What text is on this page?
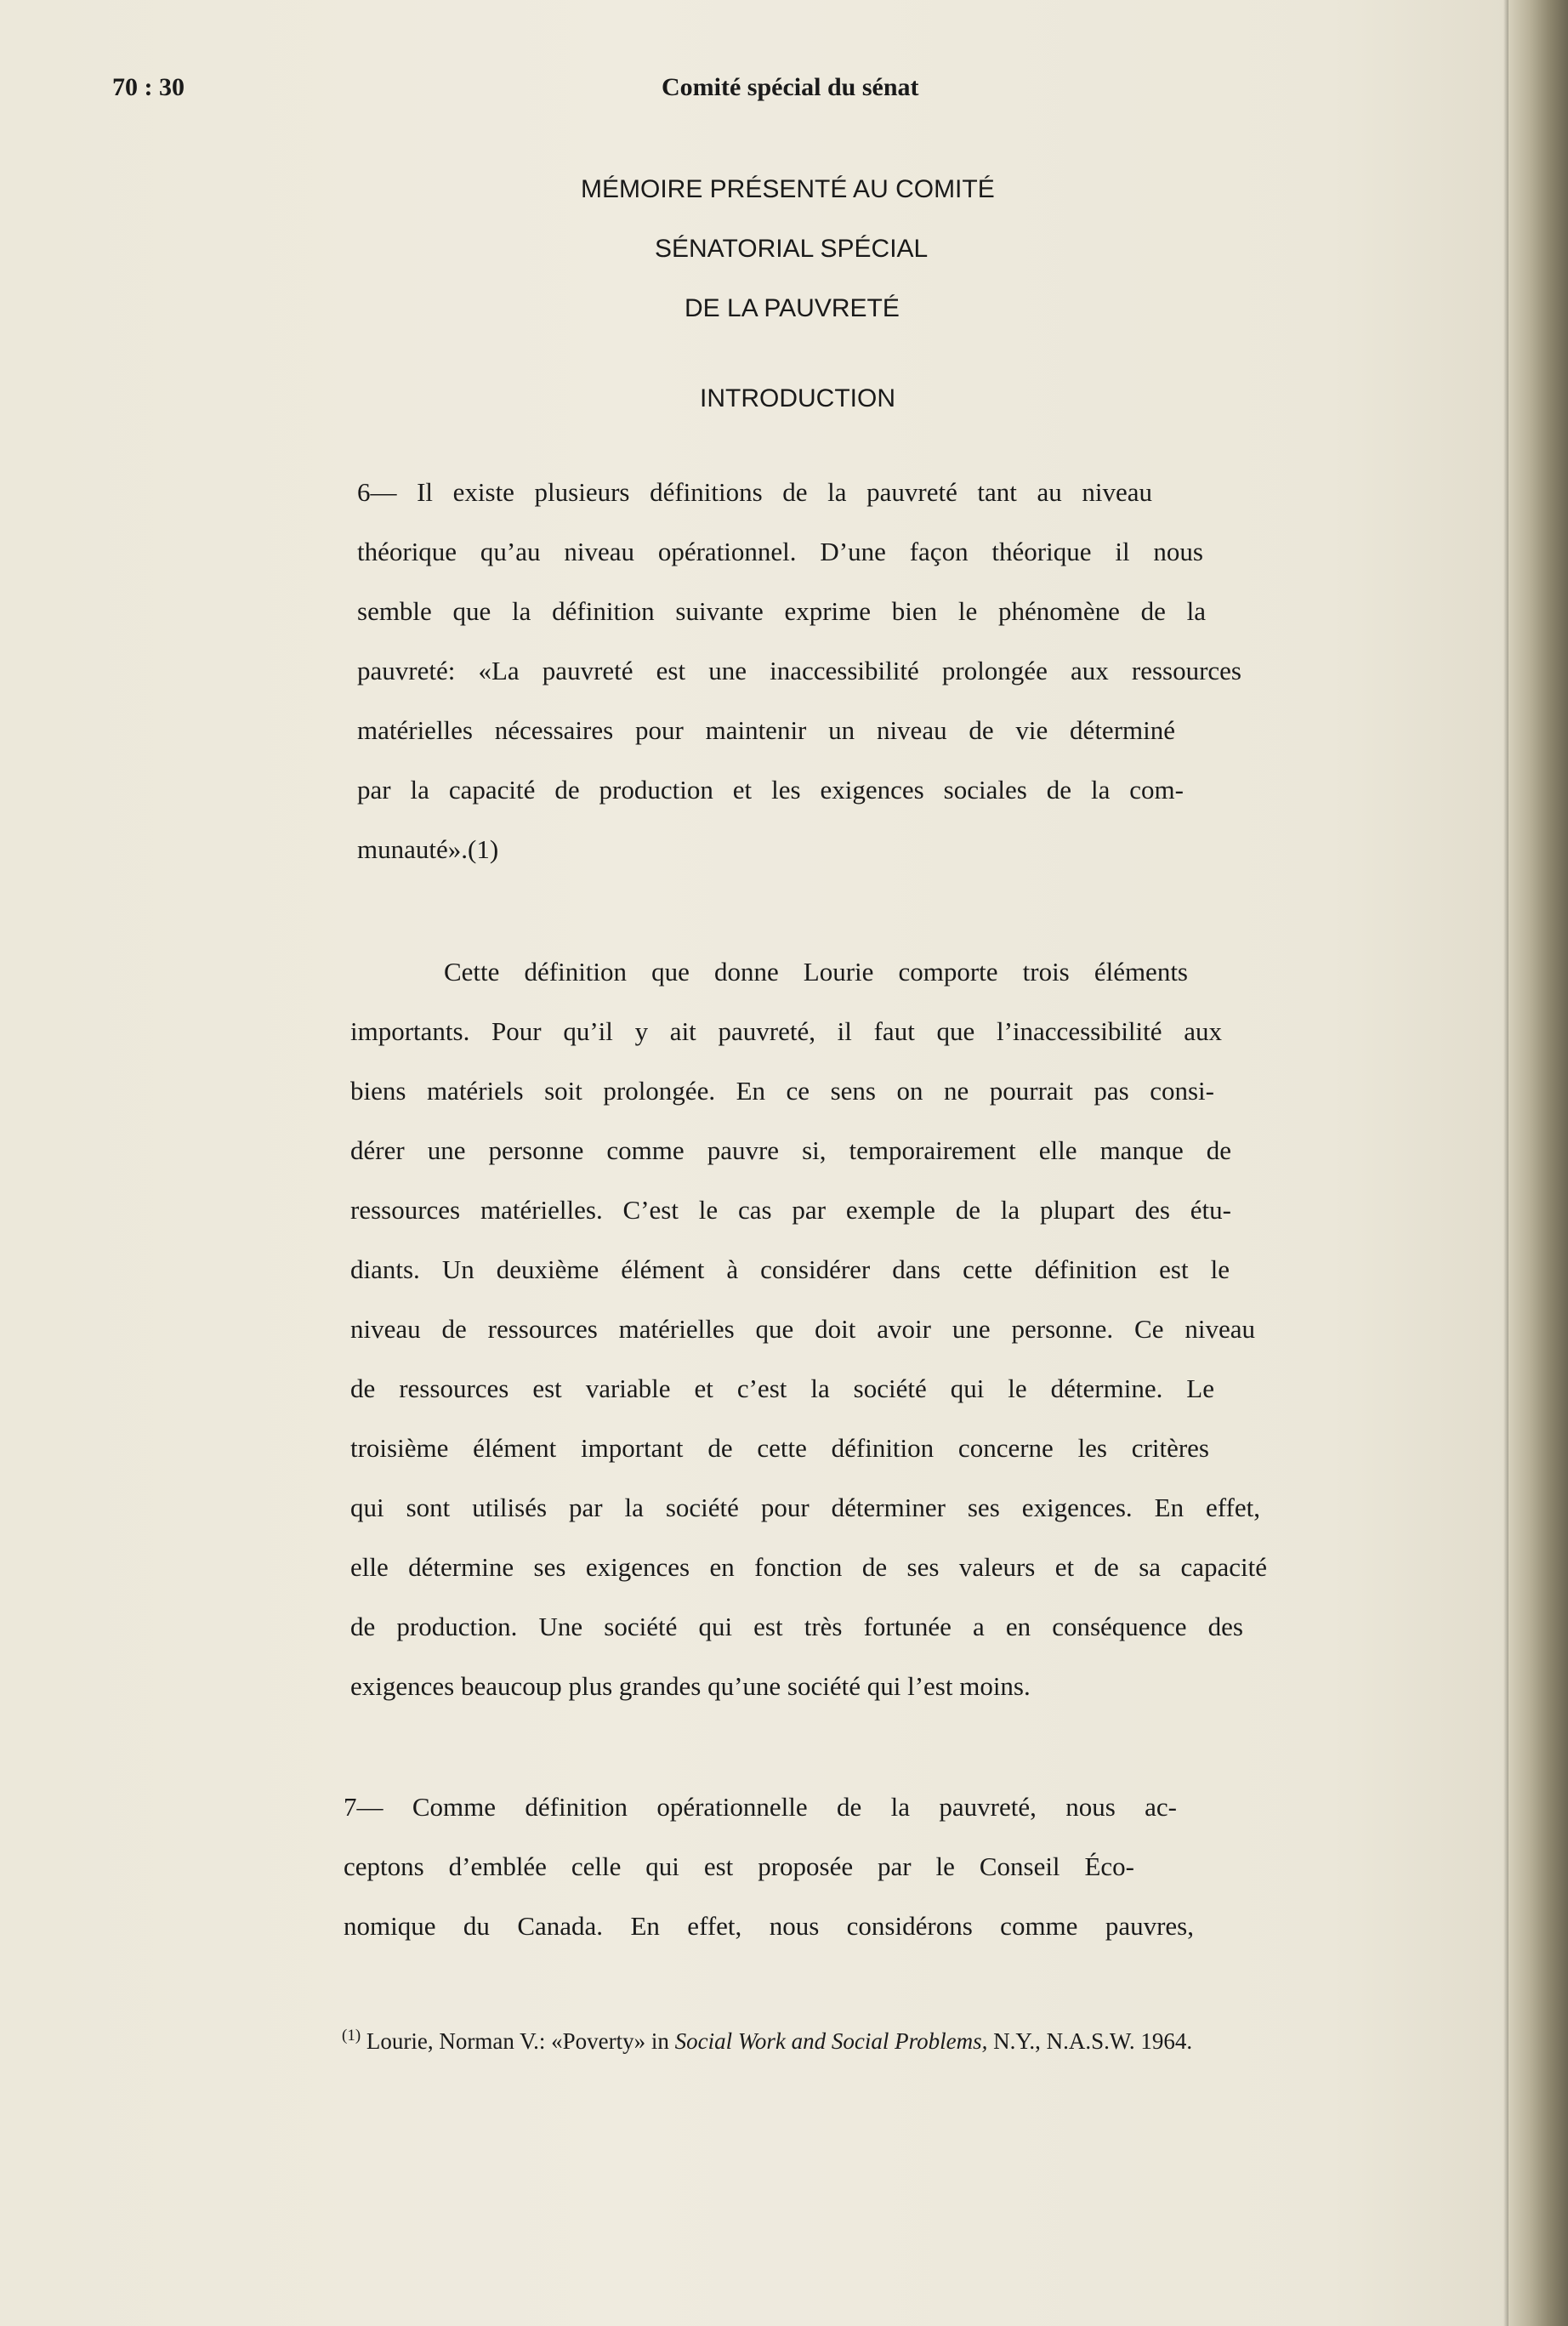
70 : 30	Comité spécial du sénat
MÉMOIRE PRÉSENTÉ AU COMITÉ
SÉNATORIAL SPÉCIAL
DE LA PAUVRETÉ
INTRODUCTION
6— Il existe plusieurs définitions de la pauvreté tant au niveau
théorique qu’au niveau opérationnel. D’une façon théorique il nous
semble que la définition suivante exprime bien le phénomène de la
pauvreté: «La pauvreté est une inaccessibilité prolongée aux ressources
matérielles nécessaires pour maintenir un niveau de vie déterminé
par la capacité de production et les exigences sociales de la com-
munauté».(1)
Cette définition que donne Lourie comporte trois éléments
importants. Pour qu’il y ait pauvreté, il faut que l’inaccessibilité aux
biens matériels soit prolongée. En ce sens on ne pourrait pas consi-
dérer une personne comme pauvre si, temporairement elle manque de
ressources matérielles. C’est le cas par exemple de la plupart des étu-
diants. Un deuxième élément à considérer dans cette définition est le
niveau de ressources matérielles que doit avoir une personne. Ce niveau
de ressources est variable et c’est la société qui le détermine. Le
troisième élément important de cette définition concerne les critères
qui sont utilisés par la société pour déterminer ses exigences. En effet,
elle détermine ses exigences en fonction de ses valeurs et de sa capacité
de production. Une société qui est très fortunée a en conséquence des
exigences beaucoup plus grandes qu’une société qui l’est moins.
7— Comme définition opérationnelle de la pauvreté, nous ac-
ceptons d’emblée celle qui est proposée par le Conseil Éco-
nomique du Canada. En effet, nous considérons comme pauvres,
$^{(1)}$ Lourie, Norman V.: «Poverty» in Social Work and Social Problems, N.Y., N.A.S.W. 1964.
